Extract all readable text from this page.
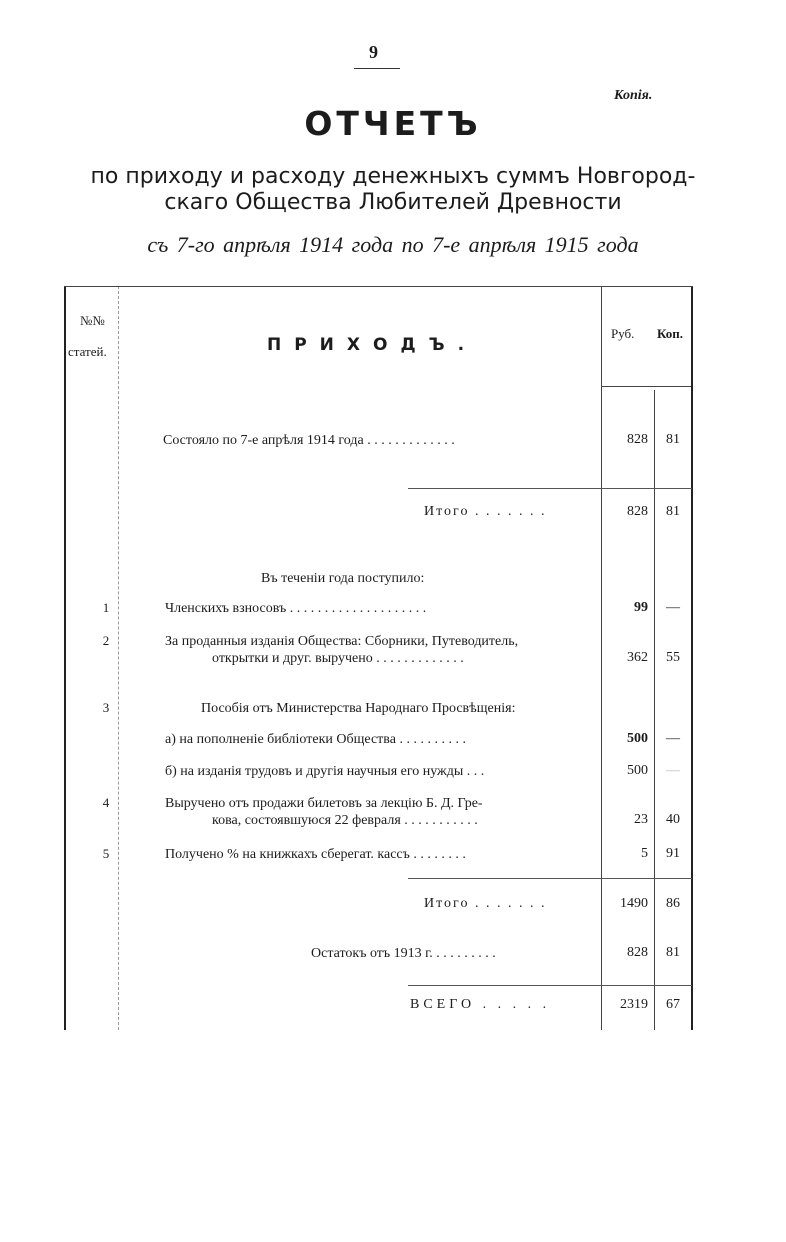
9
Копія.
ОТЧЕТЪ
по приходу и расходу денежныхъ суммъ Новгород-
скаго Общества Любителей Древности
съ 7-го апрѣля 1914 года по 7-е апрѣля 1915 года
№№
статей.	ПРИХОДЪ.
Руб. Коп.
Состояло по 7-е апрѣля 1914 года . . . . . . . . . . . . .	828	81
Итого . . . . . . .	828	81
Въ теченіи года поступило:
1	Членскихъ взносовъ . . . . . . . . . . . . . . . . . . . .	99	—
2	За проданныя изданія Общества: Сборники, Путеводитель,
открытки и друг. выручено . . . . . . . . . . . . .	362	55
3	Пособія отъ Министерства Народнаго Просвѣщенія:
а) на пополненіе библіотеки Общества . . . . . . . . . .	500	—
б) на изданія трудовъ и другія научныя его нужды . . .	500	—
4	Выручено отъ продажи билетовъ за лекцію Б. Д. Гре-
кова, состоявшуюся 22 февраля . . . . . . . . . . .	23	40
5	Получено % на книжкахъ сберегат. кассъ . . . . . . . .	5	91
Итого . . . . . . .	1490	86
Остатокъ отъ 1913 г. . . . . . . . . .	828	81
ВСЕГО . . . . .	2319	67
